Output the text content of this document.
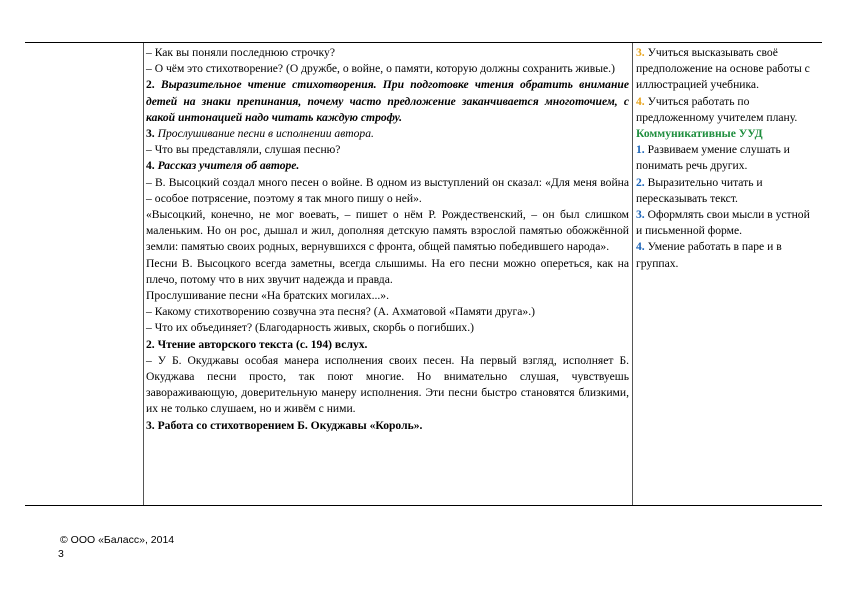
– Как вы поняли последнюю строчку?

– О чём это стихотворение? (О дружбе, о войне, о памяти, которую должны сохранить живые.)

2. Выразительное чтение стихотворения. При подготовке чтения обратить внимание детей на знаки препинания, почему часто предложение заканчивается многоточием, с какой интонацией надо читать каждую строфу.

3. Прослушивание песни в исполнении автора.

– Что вы представляли, слушая песню?

4. Рассказ учителя об авторе.

– В. Высоцкий создал много песен о войне. В одном из выступлений он сказал: «Для меня война – особое потрясение, поэтому я так много пишу о ней».

«Высоцкий, конечно, не мог воевать, – пишет о нём Р. Рождественский, – он был слишком маленьким. Но он рос, дышал и жил, дополняя детскую память взрослой памятью обожжённой земли: памятью своих родных, вернувшихся с фронта, общей памятью победившего народа».

Песни В. Высоцкого всегда заметны, всегда слышимы. На его песни можно опереться, как на плечо, потому что в них звучит надежда и правда.

Прослушивание песни «На братских могилах...».

– Какому стихотворению созвучна эта песня? (А. Ахматовой «Памяти друга».)

– Что их объединяет? (Благодарность живых, скорбь о погибших.)

2. Чтение авторского текста (с. 194) вслух.

– У Б. Окуджавы особая манера исполнения своих песен. На первый взгляд, исполняет Б. Окуджава песни просто, так поют многие. Но внимательно слушая, чувствуешь завораживающую, доверительную манеру исполнения. Эти песни быстро становятся близкими, их не только слушаем, но и живём с ними.

3. Работа со стихотворением Б. Окуджавы «Король».

3. Учиться высказывать своё предположение на основе работы с иллюстрацией учебника.

4. Учиться работать по предложенному учителем плану.

Коммуникативные УУД

1. Развиваем умение слушать и понимать речь других.

2. Выразительно читать и пересказывать текст.

3. Оформлять свои мысли в устной и письменной форме.

4. Умение работать в паре и в группах.

© ООО «Баласс», 2014
3
